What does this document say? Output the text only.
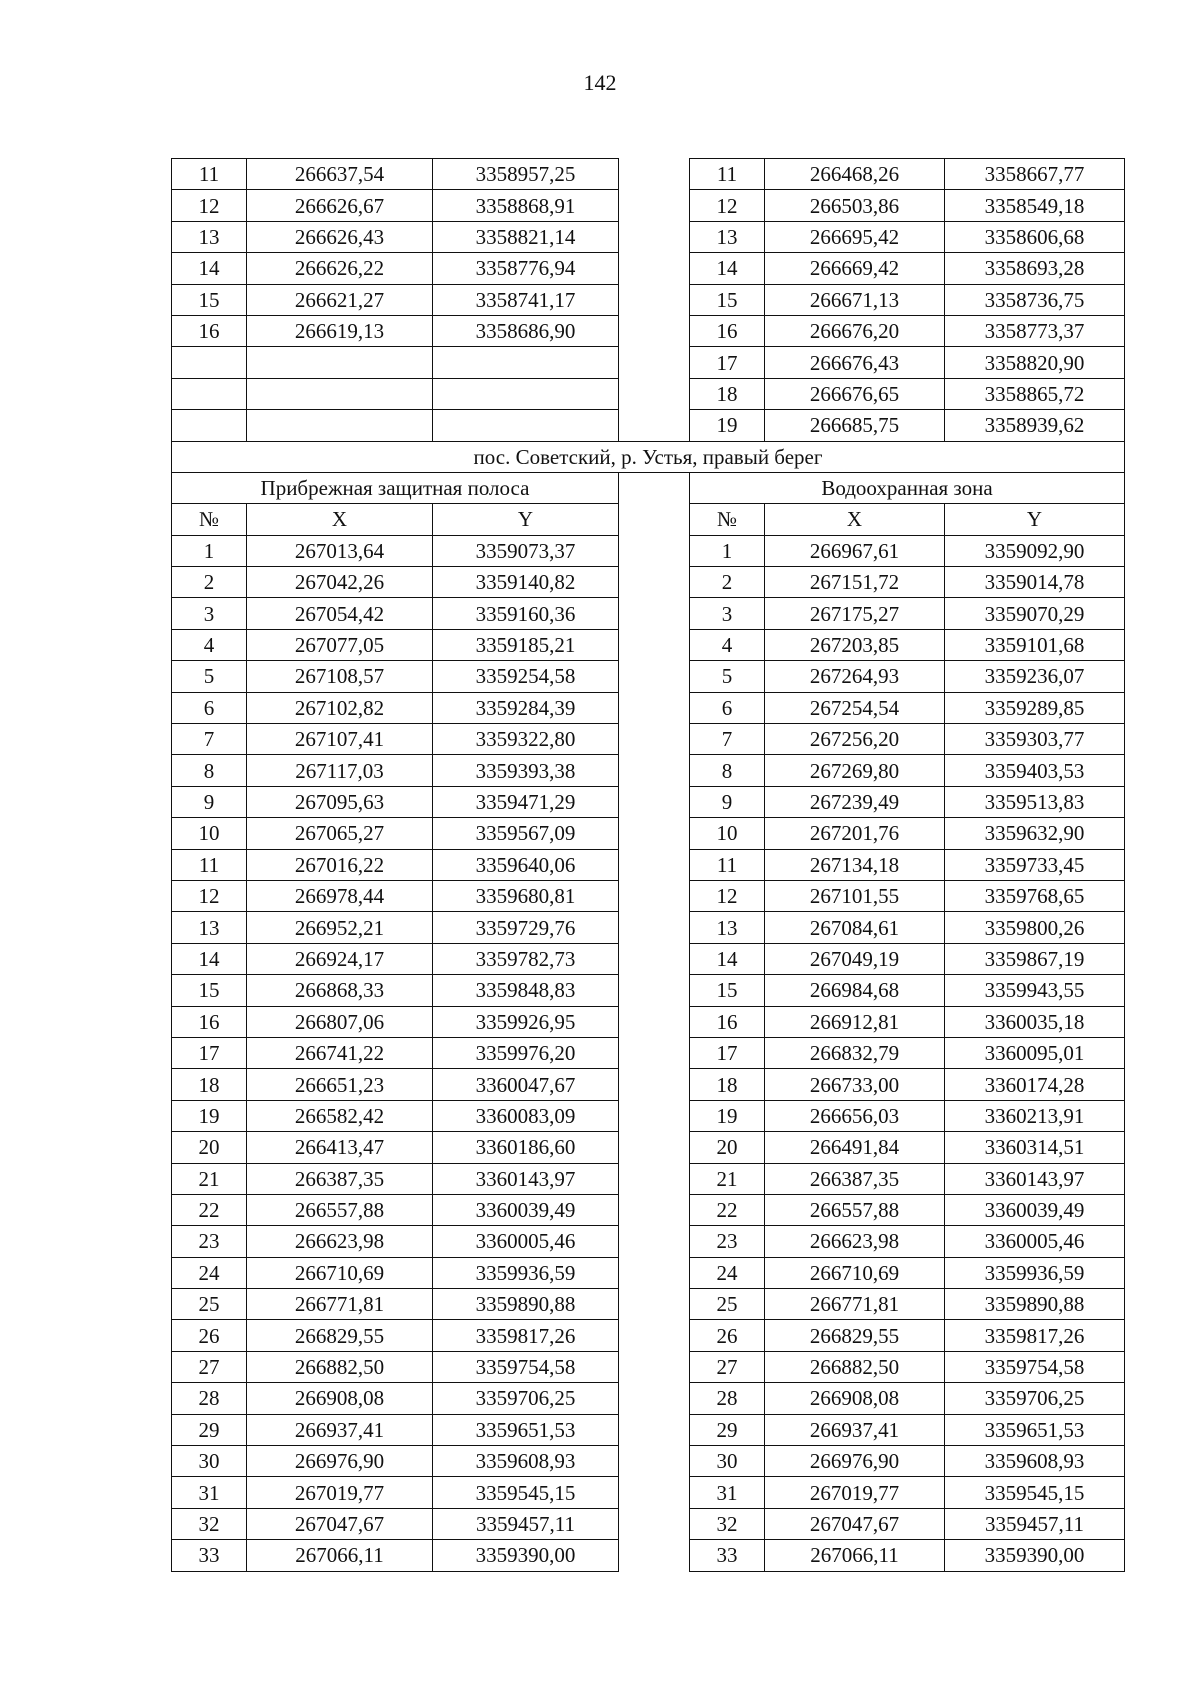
142
11	266637,54	3358957,25		11	266468,26	3358667,77
12	266626,67	3358868,91		12	266503,86	3358549,18
13	266626,43	3358821,14		13	266695,42	3358606,68
14	266626,22	3358776,94		14	266669,42	3358693,28
15	266621,27	3358741,17		15	266671,13	3358736,75
16	266619,13	3358686,90		16	266676,20	3358773,37
				17	266676,43	3358820,90
				18	266676,65	3358865,72
				19	266685,75	3358939,62
пос. Советский, р. Устья, правый берег						
Прибрежная защитная полоса				Водоохранная зона		
№	X	Y		№	X	Y
1	267013,64	3359073,37		1	266967,61	3359092,90
2	267042,26	3359140,82		2	267151,72	3359014,78
3	267054,42	3359160,36		3	267175,27	3359070,29
4	267077,05	3359185,21		4	267203,85	3359101,68
5	267108,57	3359254,58		5	267264,93	3359236,07
6	267102,82	3359284,39		6	267254,54	3359289,85
7	267107,41	3359322,80		7	267256,20	3359303,77
8	267117,03	3359393,38		8	267269,80	3359403,53
9	267095,63	3359471,29		9	267239,49	3359513,83
10	267065,27	3359567,09		10	267201,76	3359632,90
11	267016,22	3359640,06		11	267134,18	3359733,45
12	266978,44	3359680,81		12	267101,55	3359768,65
13	266952,21	3359729,76		13	267084,61	3359800,26
14	266924,17	3359782,73		14	267049,19	3359867,19
15	266868,33	3359848,83		15	266984,68	3359943,55
16	266807,06	3359926,95		16	266912,81	3360035,18
17	266741,22	3359976,20		17	266832,79	3360095,01
18	266651,23	3360047,67		18	266733,00	3360174,28
19	266582,42	3360083,09		19	266656,03	3360213,91
20	266413,47	3360186,60		20	266491,84	3360314,51
21	266387,35	3360143,97		21	266387,35	3360143,97
22	266557,88	3360039,49		22	266557,88	3360039,49
23	266623,98	3360005,46		23	266623,98	3360005,46
24	266710,69	3359936,59		24	266710,69	3359936,59
25	266771,81	3359890,88		25	266771,81	3359890,88
26	266829,55	3359817,26		26	266829,55	3359817,26
27	266882,50	3359754,58		27	266882,50	3359754,58
28	266908,08	3359706,25		28	266908,08	3359706,25
29	266937,41	3359651,53		29	266937,41	3359651,53
30	266976,90	3359608,93		30	266976,90	3359608,93
31	267019,77	3359545,15		31	267019,77	3359545,15
32	267047,67	3359457,11		32	267047,67	3359457,11
33	267066,11	3359390,00		33	267066,11	3359390,00
